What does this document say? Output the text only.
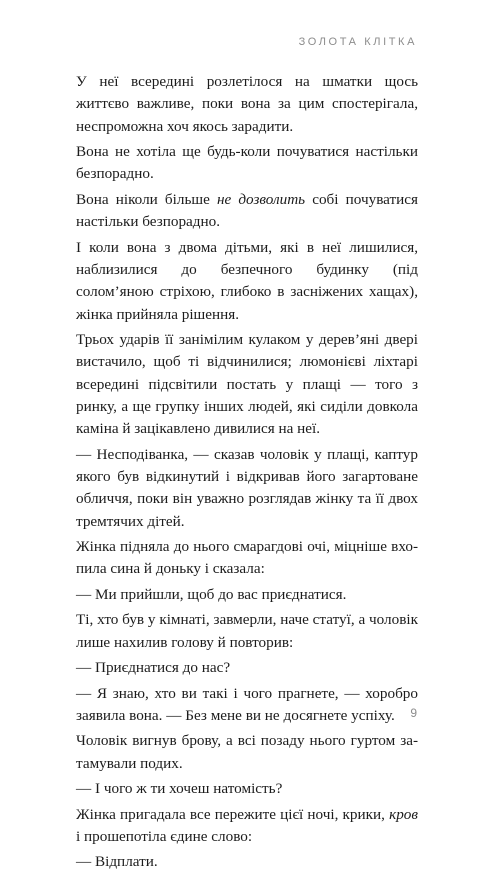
ЗОЛОТА КЛІТКА

У неї всередині розлетілося на шматки щось життєво важливе, поки вона за цим спостерігала, неспроможна хоч якось зарадити.

Вона не хотіла ще будь-коли почуватися настільки безпорадно.

Вона ніколи більше не дозволить собі почуватися настільки безпорадно.

І коли вона з двома дітьми, які в неї лишилися, наблизилися до безпечного будинку (під солом’яною стріхою, глибоко в засніжених хащах), жінка прийняла рішення.

Трьох ударів її занімілим кулаком у дерев’яні двері вистачило, щоб ті відчинилися; люмонієві ліхтарі всередині підсвітили постать у плащі — того з ринку, а ще групку інших людей, які сиділи довкола каміна й зацікавлено дивилися на неї.

— Несподіванка, — сказав чоловік у плащі, каптур якого був відкинутий і відкривав його загартоване обличчя, поки він уважно розглядав жінку та її двох тремтячих дітей.

Жінка підняла до нього смарагдові очі, міцніше вхопила сина й доньку і сказала:

— Ми прийшли, щоб до вас приєднатися.

Ті, хто був у кімнаті, завмерли, наче статуї, а чоловік лише нахилив голову й повторив:

— Приєднатися до нас?

— Я знаю, хто ви такі і чого прагнете, — хоробро заявила вона. — Без мене ви не досягнете успіху.

Чоловік вигнув брову, а всі позаду нього гуртом затамували подих.

— І чого ж ти хочеш натомість?

Жінка пригадала все пережите цієї ночі, крики, кров і прошепотіла єдине слово:

— Відплати.

9
